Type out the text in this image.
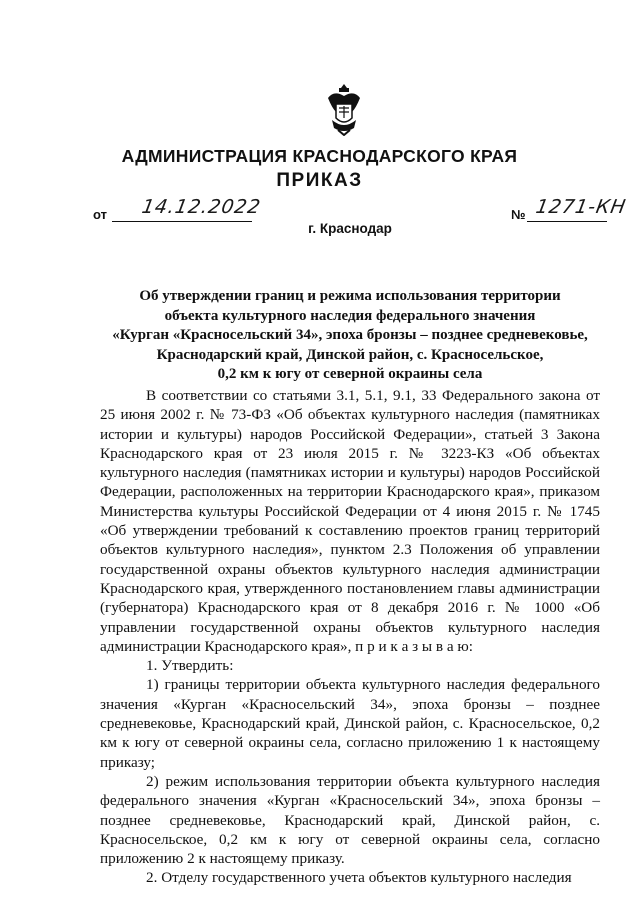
АДМИНИСТРАЦИЯ КРАСНОДАРСКОГО КРАЯ
ПРИКАЗ
от 14.12.2022	№ 1271-КН
г. Краснодар
Об утверждении границ и режима использования территории
объекта культурного наследия федерального значения
«Курган «Красносельский 34», эпоха бронзы – позднее средневековье,
Краснодарский край, Динской район, с. Красносельское,
0,2 км к югу от северной окраины села

В соответствии со статьями 3.1, 5.1, 9.1, 33 Федерального закона от 25 июня 2002 г. № 73-ФЗ «Об объектах культурного наследия (памятниках истории и культуры) народов Российской Федерации», статьей 3 Закона Краснодарского края от 23 июля 2015 г. № 3223-КЗ «Об объектах культурного наследия (памятниках истории и культуры) народов Российской Федерации, расположенных на территории Краснодарского края», приказом Министерства культуры Российской Федерации от 4 июня 2015 г. № 1745 «Об утверждении требований к составлению проектов границ территорий объектов культурного наследия», пунктом 2.3 Положения об управлении государственной охраны объектов культурного наследия администрации Краснодарского края, утвержденного постановлением главы администрации (губернатора) Краснодарского края от 8 декабря 2016 г. № 1000 «Об управлении государственной охраны объектов культурного наследия администрации Краснодарского края», п р и к а з ы в а ю:

1. Утвердить:

1) границы территории объекта культурного наследия федерального значения «Курган «Красносельский 34», эпоха бронзы – позднее средневековье, Краснодарский край, Динской район, с. Красносельское, 0,2 км к югу от северной окраины села, согласно приложению 1 к настоящему приказу;

2) режим использования территории объекта культурного наследия федерального значения «Курган «Красносельский 34», эпоха бронзы – позднее средневековье, Краснодарский край, Динской район, с. Красносельское, 0,2 км к югу от северной окраины села, согласно приложению 2 к настоящему приказу.

2. Отделу государственного учета объектов культурного наследия
